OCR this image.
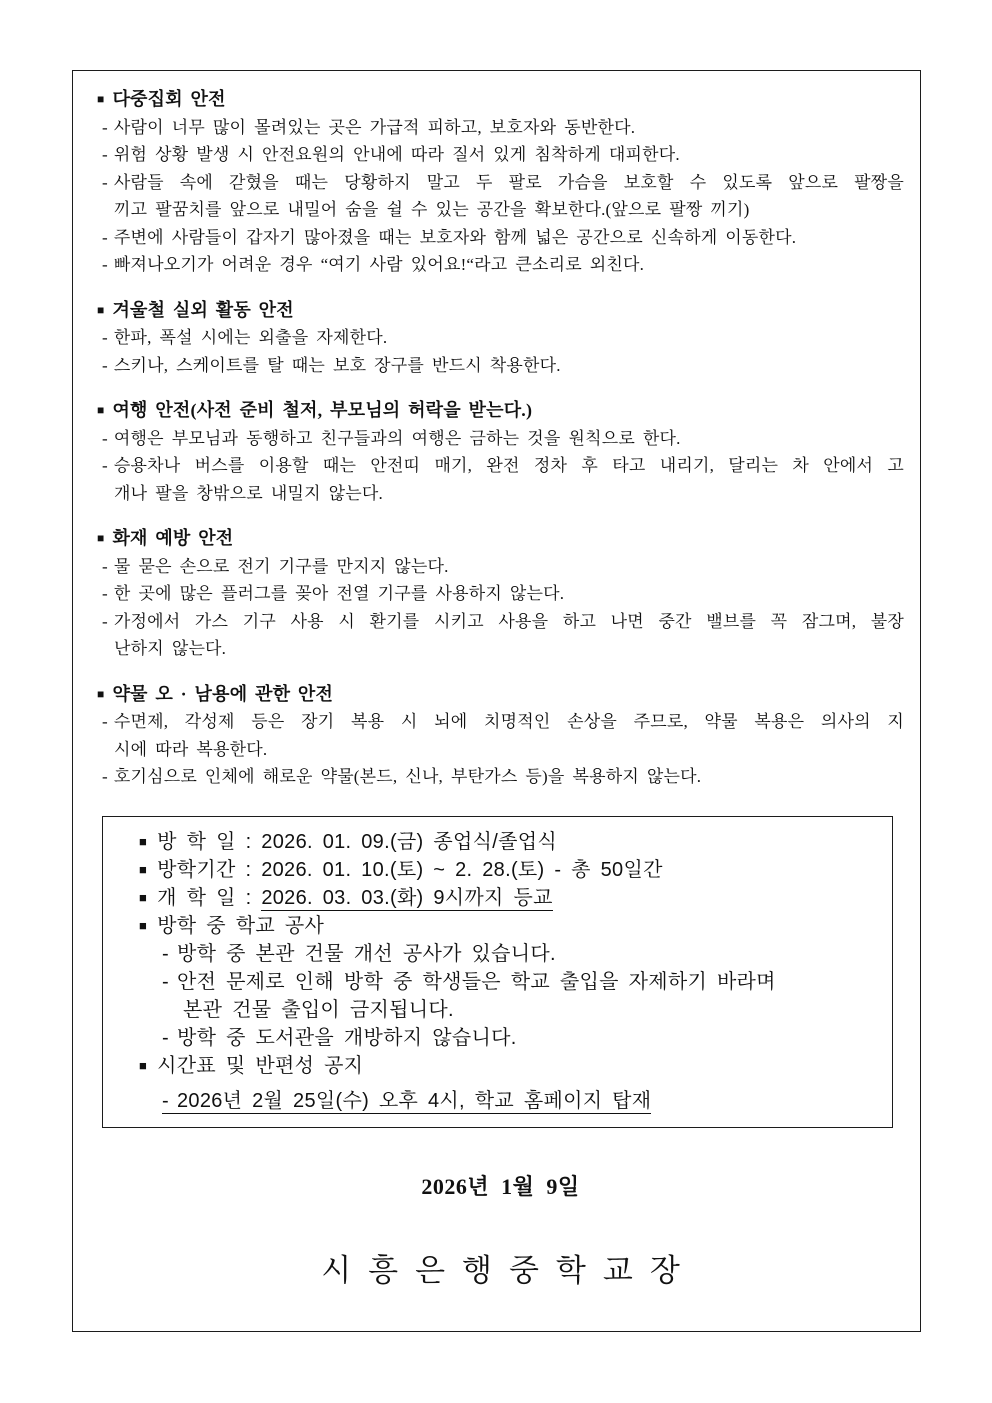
■ 다중집회 안전
- 사람이 너무 많이 몰려있는 곳은 가급적 피하고, 보호자와 동반한다.
- 위험 상황 발생 시 안전요원의 안내에 따라 질서 있게 침착하게 대피한다.
- 사람들 속에 갇혔을 때는 당황하지 말고 두 팔로 가슴을 보호할 수 있도록 앞으로 팔짱을
끼고 팔꿈치를 앞으로 내밀어 숨을 쉴 수 있는 공간을 확보한다.(앞으로 팔짱 끼기)
- 주변에 사람들이 갑자기 많아졌을 때는 보호자와 함께 넓은 공간으로 신속하게 이동한다.
- 빠져나오기가 어려운 경우 “여기 사람 있어요!“라고 큰소리로 외친다.
■ 겨울철 실외 활동 안전
- 한파, 폭설 시에는 외출을 자제한다.
- 스키나, 스케이트를 탈 때는 보호 장구를 반드시 착용한다.
■ 여행 안전(사전 준비 철저, 부모님의 허락을 받는다.)
- 여행은 부모님과 동행하고 친구들과의 여행은 금하는 것을 원칙으로 한다.
- 승용차나 버스를 이용할 때는 안전띠 매기, 완전 정차 후 타고 내리기, 달리는 차 안에서 고
개나 팔을 창밖으로 내밀지 않는다.
■ 화재 예방 안전
- 물 묻은 손으로 전기 기구를 만지지 않는다.
- 한 곳에 많은 플러그를 꽂아 전열 기구를 사용하지 않는다.
- 가정에서 가스 기구 사용 시 환기를 시키고 사용을 하고 나면 중간 밸브를 꼭 잠그며, 불장
난하지 않는다.
■ 약물 오 · 남용에 관한 안전
- 수면제, 각성제 등은 장기 복용 시 뇌에 치명적인 손상을 주므로, 약물 복용은 의사의 지
시에 따라 복용한다.
- 호기심으로 인체에 해로운 약물(본드, 신나, 부탄가스 등)을 복용하지 않는다.
■ 방 학 일 : 2026. 01. 09.(금) 종업식/졸업식
■ 방학기간 : 2026. 01. 10.(토) ~ 2. 28.(토) - 총 50일간
■ 개 학 일 : 2026. 03. 03.(화) 9시까지 등교
■ 방학 중 학교 공사
- 방학 중 본관 건물 개선 공사가 있습니다.
- 안전 문제로 인해 방학 중 학생들은 학교 출입을 자제하기 바라며
본관 건물 출입이 금지됩니다.
- 방학 중 도서관을 개방하지 않습니다.
■ 시간표 및 반편성 공지
- 2026년 2월 25일(수) 오후 4시, 학교 홈페이지 탑재
2026년  1월  9일
시흥은행중학교장
